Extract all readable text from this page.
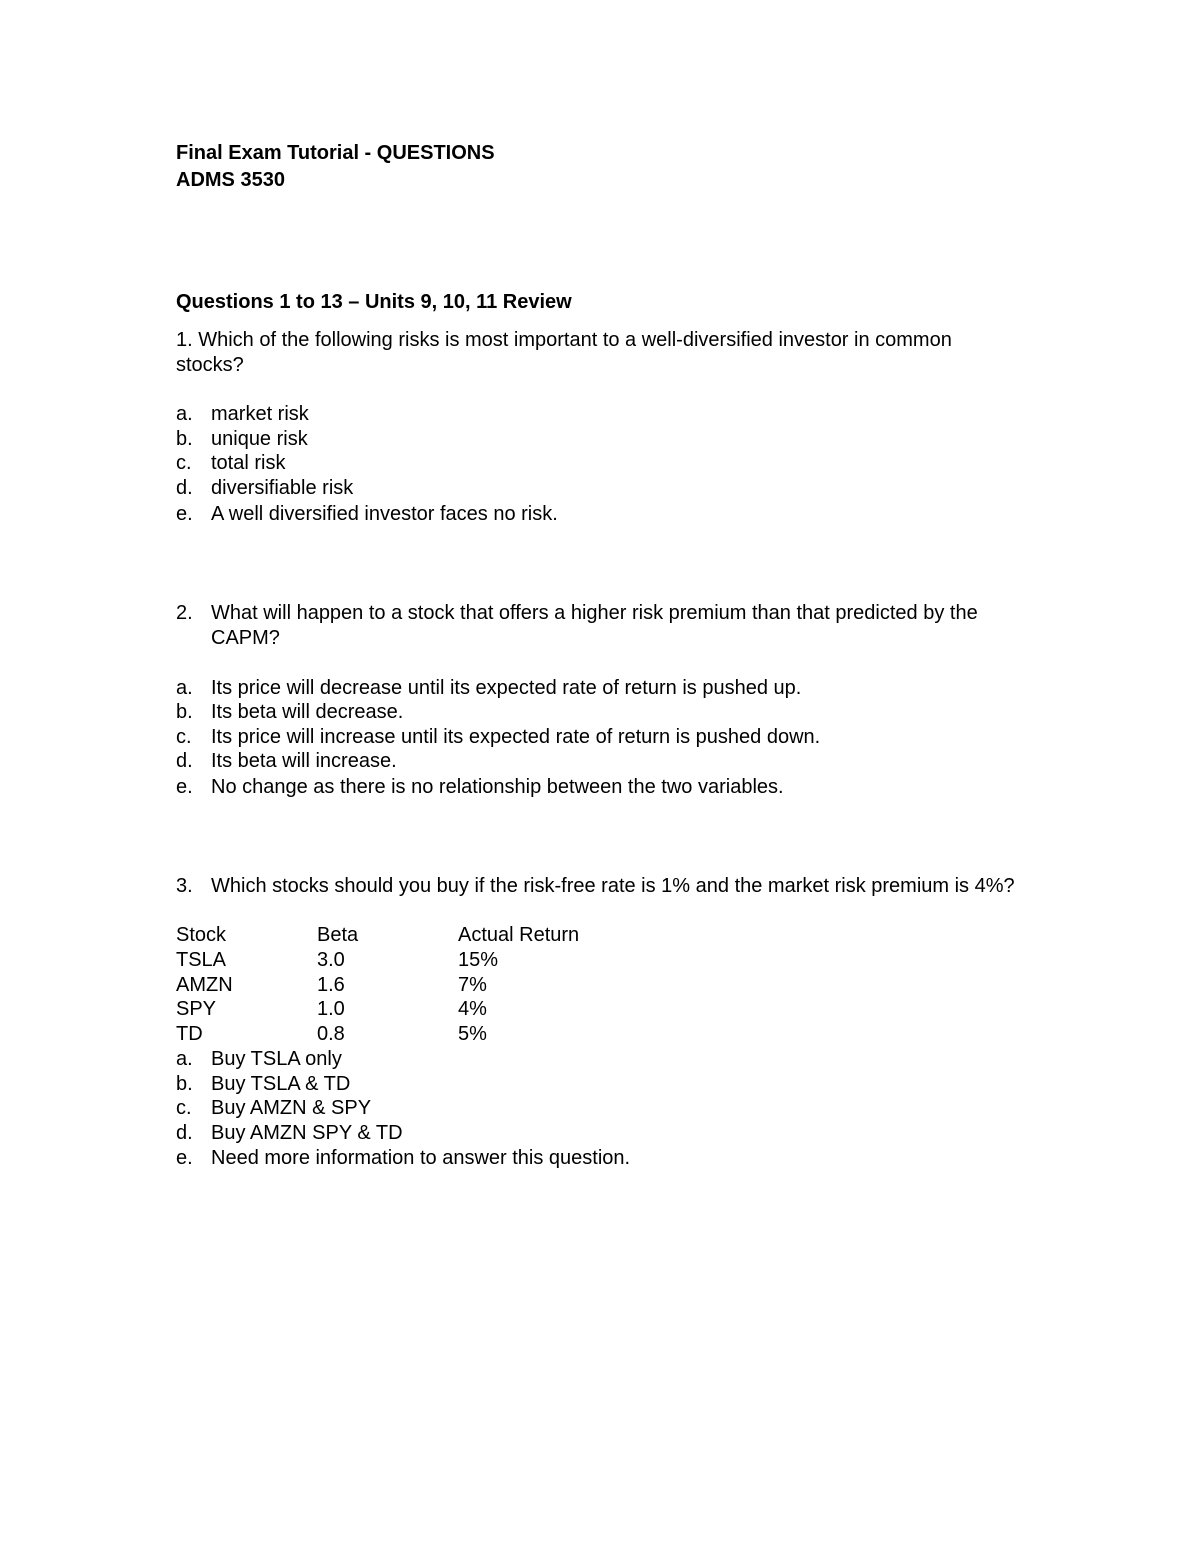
Final Exam Tutorial - QUESTIONS
ADMS 3530
Questions 1 to 13 – Units 9, 10, 11 Review
1. Which of the following risks is most important to a well-diversified investor in common stocks?
a. market risk
b. unique risk
c. total risk
d. diversifiable risk
e. A well diversified investor faces no risk.
2. What will happen to a stock that offers a higher risk premium than that predicted by the CAPM?
a. Its price will decrease until its expected rate of return is pushed up.
b. Its beta will decrease.
c. Its price will increase until its expected rate of return is pushed down.
d. Its beta will increase.
e. No change as there is no relationship between the two variables.
3. Which stocks should you buy if the risk-free rate is 1% and the market risk premium is 4%?
Stock	Beta	Actual Return
TSLA	3.0	15%
AMZN	1.6	7%
SPY	1.0	4%
TD	0.8	5%
a. Buy TSLA only
b. Buy TSLA & TD
c. Buy AMZN & SPY
d. Buy AMZN SPY & TD
e. Need more information to answer this question.
